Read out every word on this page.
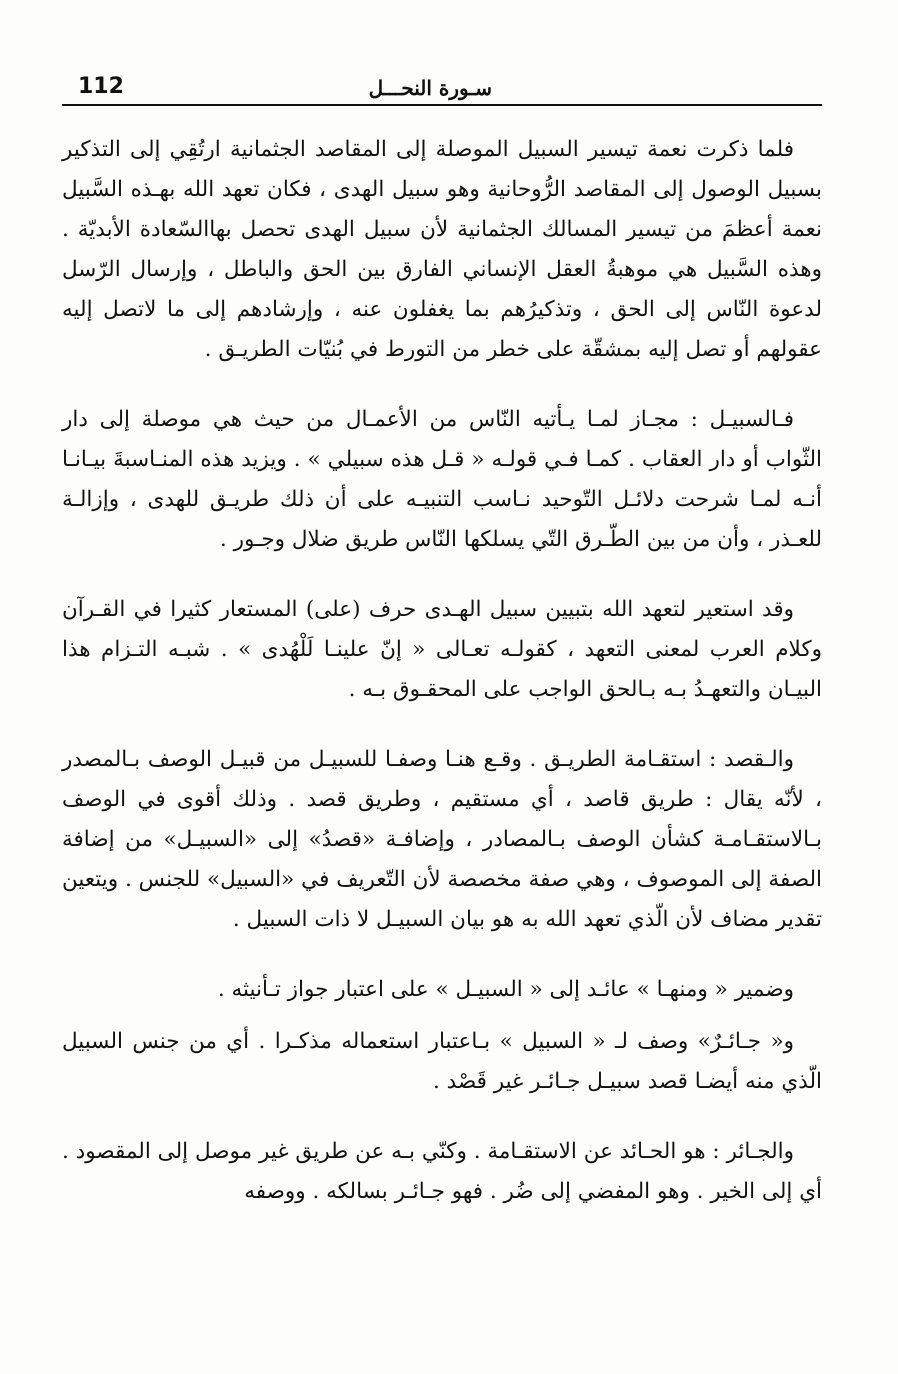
112	سـورة النحـــل

فلما ذكرت نعمة تيسير السبيل الموصلة إلى المقاصد الجثمانية ارتُقِي إلى التذكير بسبيل الوصول إلى المقاصد الرُّوحانية وهو سبيل الهدى ، فكان تعهد الله بهـذه السَّبيل نعمة أعظمَ من تيسير المسالك الجثمانية لأن سبيل الهدى تحصل بهاالسّعادة الأبديّة . وهذه السَّبيل هي موهبةُ العقل الإنساني الفارق بين الحق والباطل ، وإرسال الرّسل لدعوة النّاس إلى الحق ، وتذكيرُهم بما يغفلون عنه ، وإرشادهم إلى ما لاتصل إليه عقولهم أو تصل إليه بمشقّة على خطر من التورط في بُنيّات الطريـق .

فـالسبيـل : مجـاز لمـا يـأتيه النّاس من الأعمـال من حيث هي موصلة إلى دار الثّواب أو دار العقاب . كمـا فـي قولـه « قـل هذه سبيلي » . ويزيد هذه المنـاسبةَ بيـانـا أنـه لمـا شرحت دلائـل التّوحيد نـاسب التنبيـه على أن ذلك طريـق للهدى ، وإزالـة للعـذر ، وأن من بين الطّـرق التّي يسلكها النّاس طريق ضلال وجـور .

وقد استعير لتعهد الله بتبيين سبيل الهـدى حرف (على) المستعار كثيرا في القـرآن وكلام العرب لمعنى التعهد ، كقولـه تعـالى « إنّ علينـا لَلْهُدى » . شبـه التـزام هذا البيـان والتعهـدُ بـه بـالحق الواجب على المحقـوق بـه .

والـقصد : استقـامة الطريـق . وقـع هنـا وصفـا للسبيـل من قبيـل الوصف بـالمصدر ، لأنّه يقال : طريق قاصد ، أي مستقيم ، وطريق قصد . وذلك أقوى في الوصف بـالاستقـامـة كشأن الوصف بـالمصادر ، وإضافـة «قصدُ» إلى «السبيـل» من إضافة الصفة إلى الموصوف ، وهي صفة مخصصة لأن التّعريف في «السبيل» للجنس . ويتعين تقدير مضاف لأن الّذي تعهد الله به هو بيان السبيـل لا ذات السبيل .

وضمير « ومنهـا » عائـد إلى « السبيـل » على اعتبار جواز تـأنيثه .

و« جـائـرٌ» وصف لـ « السبيل » بـاعتبار استعماله مذكـرا . أي من جنس السبيل الّذي منه أيضـا قصد سبيـل جـائـر غير قَصْد .

والجـائر : هو الحـائد عن الاستقـامة . وكنّي بـه عن طريق غير موصل إلى المقصود . أي إلى الخير . وهو المفضي إلى ضُر . فهو جـائـر بسالكه . ووصفه
